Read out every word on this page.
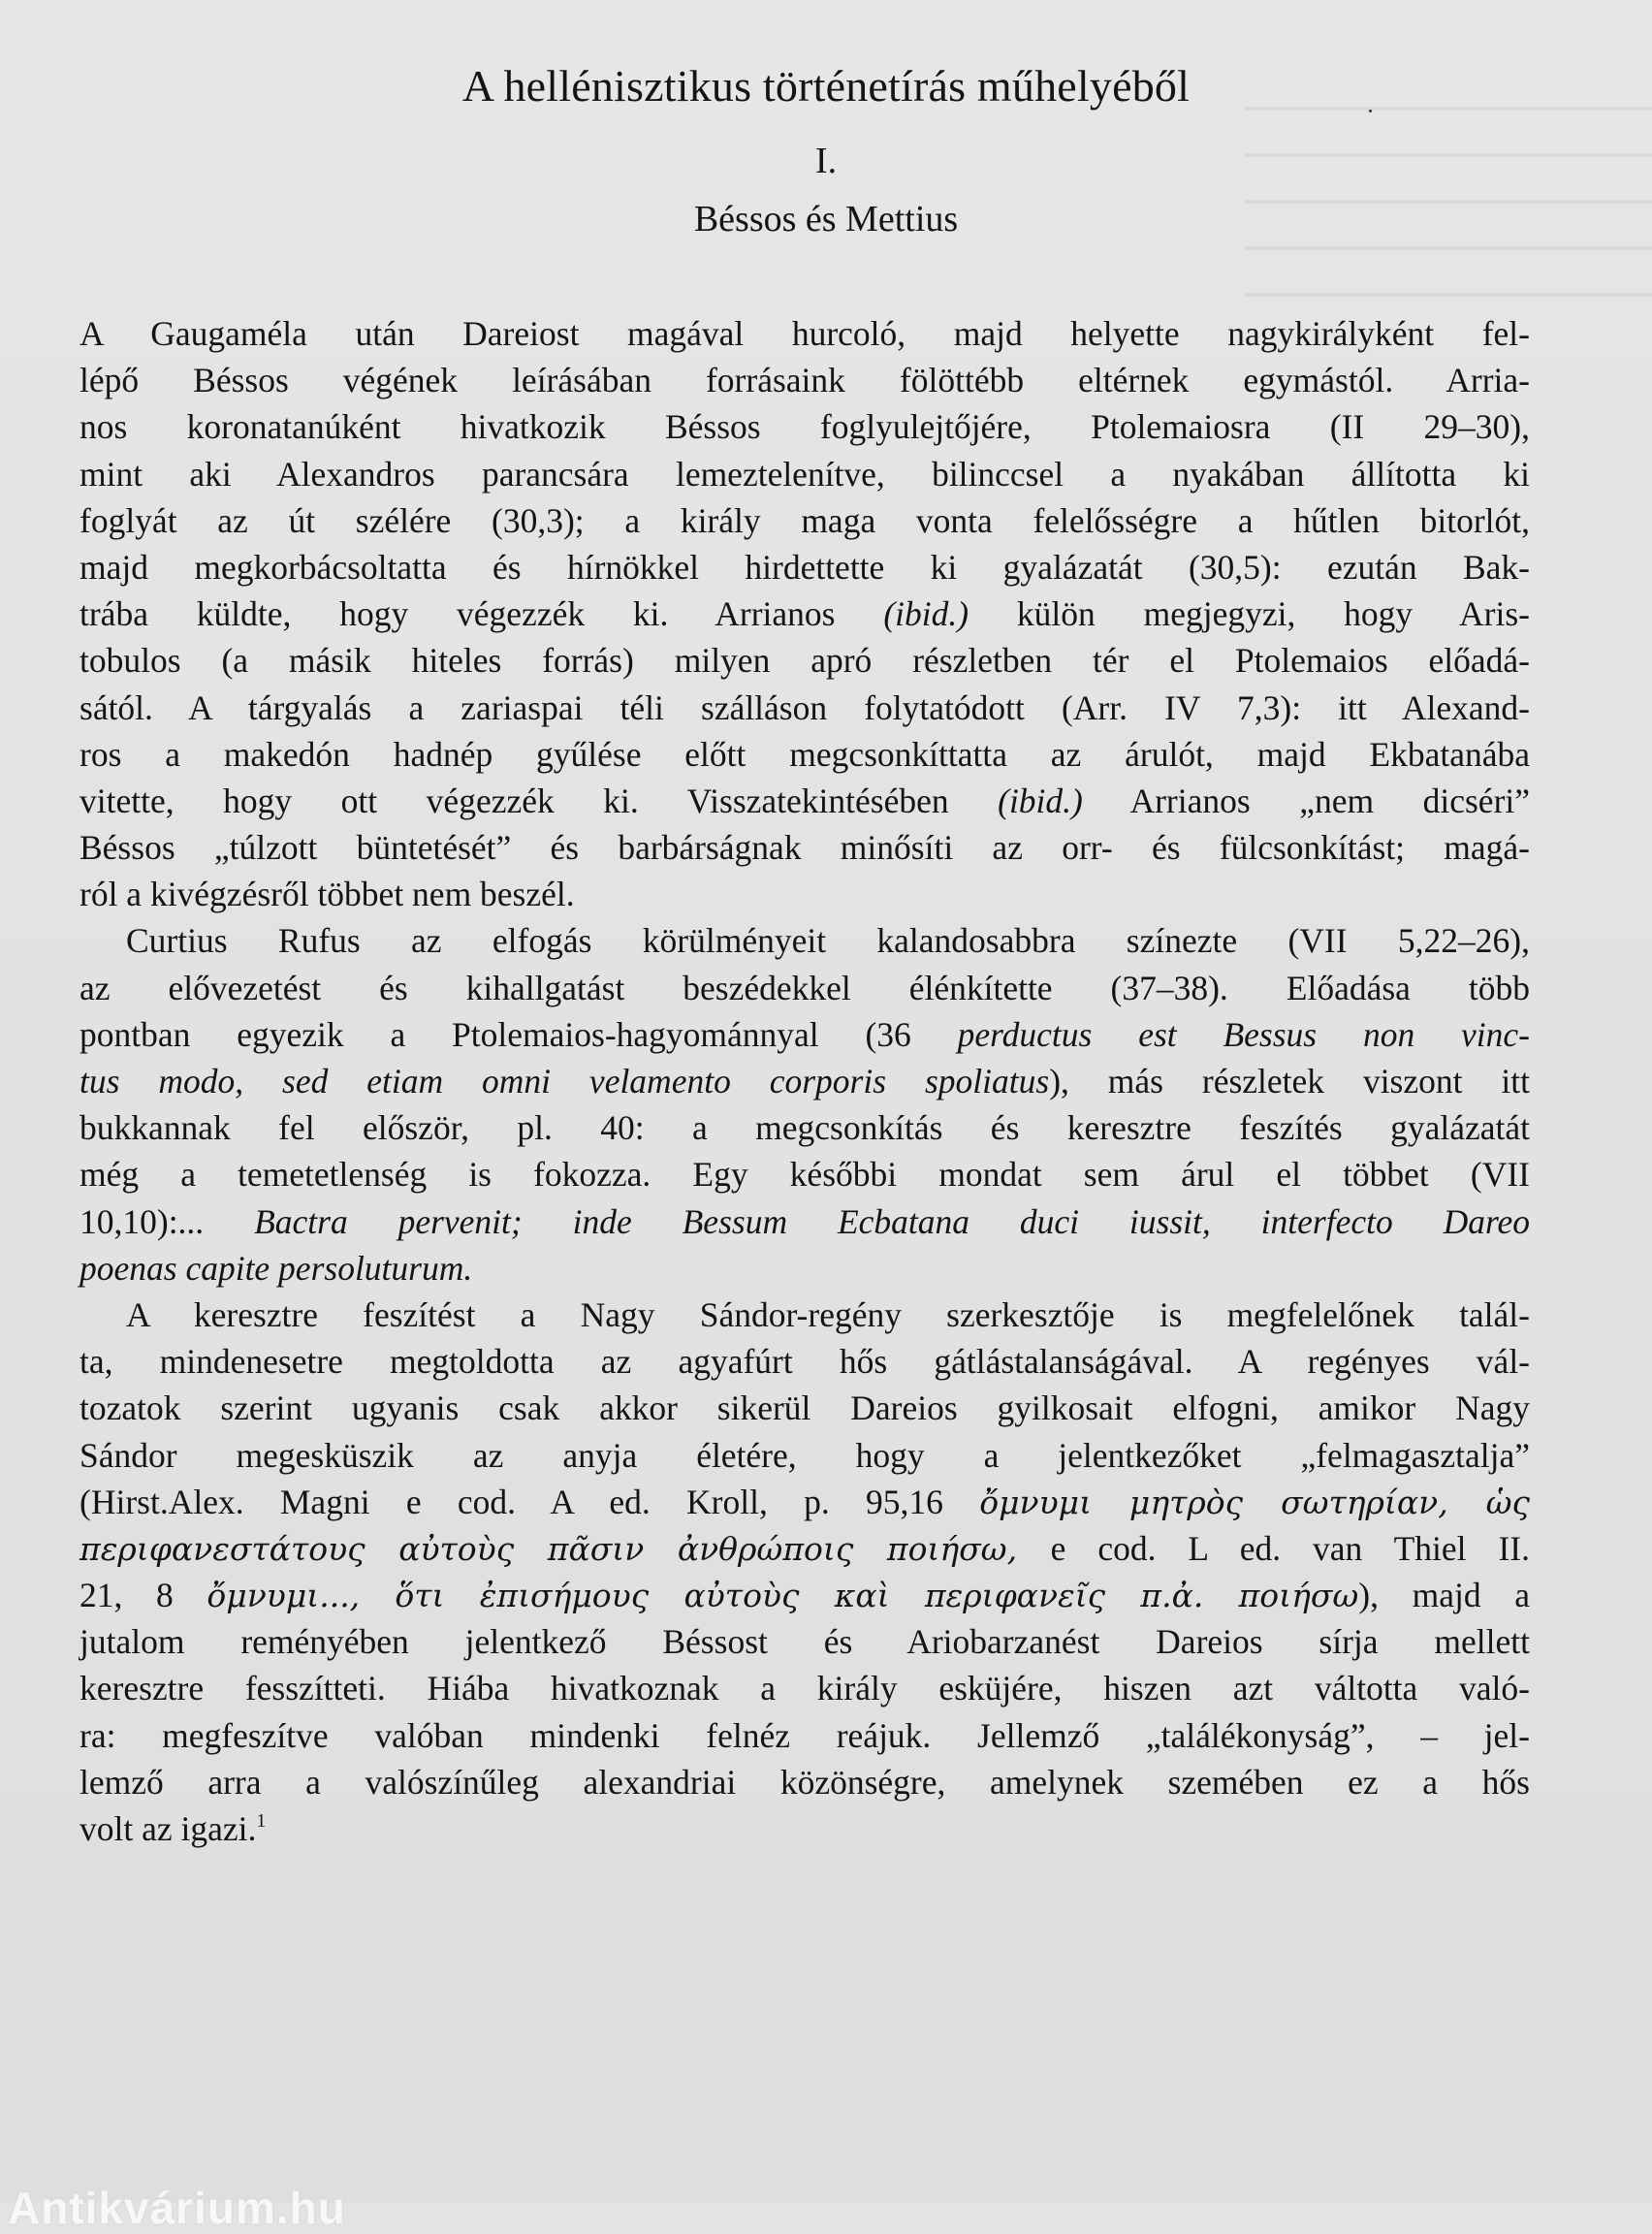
A hellénisztikus történetírás műhelyéből
I.
Béssos és Mettius
A Gaugaméla után Dareiost magával hurcoló, majd helyette nagykirályként fel-
lépő Béssos végének leírásában forrásaink fölöttébb eltérnek egymástól. Arria-
nos koronatanúként hivatkozik Béssos foglyulejtőjére, Ptolemaiosra (II 29–30),
mint aki Alexandros parancsára lemeztelenítve, bilinccsel a nyakában állította ki
foglyát az út szélére (30,3); a király maga vonta felelősségre a hűtlen bitorlót,
majd megkorbácsoltatta és hírnökkel hirdettette ki gyalázatát (30,5): ezután Bak-
trába küldte, hogy végezzék ki. Arrianos (ibid.) külön megjegyzi, hogy Aris-
tobulos (a másik hiteles forrás) milyen apró részletben tér el Ptolemaios előadá-
sától. A tárgyalás a zariaspai téli szálláson folytatódott (Arr. IV 7,3): itt Alexand-
ros a makedón hadnép gyűlése előtt megcsonkíttatta az árulót, majd Ekbatanába
vitette, hogy ott végezzék ki. Visszatekintésében (ibid.) Arrianos „nem dicséri”
Béssos „túlzott büntetését” és barbárságnak minősíti az orr- és fülcsonkítást; magá-
ról a kivégzésről többet nem beszél.
Curtius Rufus az elfogás körülményeit kalandosabbra színezte (VII 5,22–26),
az elővezetést és kihallgatást beszédekkel élénkítette (37–38). Előadása több
pontban egyezik a Ptolemaios-hagyománnyal (36 perductus est Bessus non vinc-
tus modo, sed etiam omni velamento corporis spoliatus), más részletek viszont itt
bukkannak fel először, pl. 40: a megcsonkítás és keresztre feszítés gyalázatát
még a temetetlenség is fokozza. Egy későbbi mondat sem árul el többet (VII
10,10):... Bactra pervenit; inde Bessum Ecbatana duci iussit, interfecto Dareo
poenas capite persoluturum.
A keresztre feszítést a Nagy Sándor-regény szerkesztője is megfelelőnek talál-
ta, mindenesetre megtoldotta az agyafúrt hős gátlástalanságával. A regényes vál-
tozatok szerint ugyanis csak akkor sikerül Dareios gyilkosait elfogni, amikor Nagy
Sándor megesküszik az anyja életére, hogy a jelentkezőket „felmagasztalja”
(Hirst.Alex. Magni e cod. A ed. Kroll, p. 95,16 ὄμνυμι μητρὸς σωτηρίαν, ὡς
περιφανεστάτους αὐτοὺς πᾶσιν ἀνθρώποις ποιήσω, e cod. L ed. van Thiel II.
21, 8 ὄμνυμι..., ὅτι ἐπισήμους αὐτοὺς καὶ περιφανεῖς π.ἀ. ποιήσω), majd a
jutalom reményében jelentkező Béssost és Ariobarzanést Dareios sírja mellett
keresztre fesszítteti. Hiába hivatkoznak a király esküjére, hiszen azt váltotta való-
ra: megfeszítve valóban mindenki felnéz reájuk. Jellemző „találékonyság”, – jel-
lemző arra a valószínűleg alexandriai közönségre, amelynek szemében ez a hős
volt az igazi.$^1$
Antikvárium.hu
